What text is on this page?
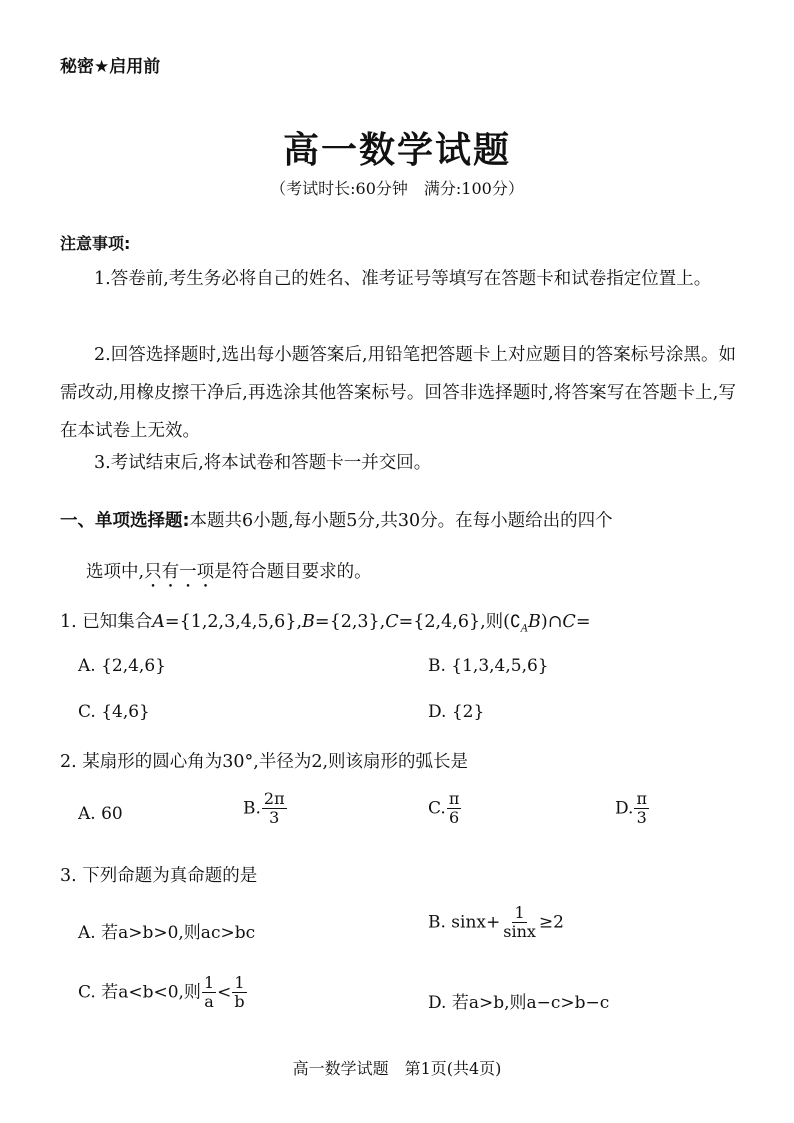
秘密★启用前
高一数学试题
（考试时长:60分钟　满分:100分）
注意事项:

1.答卷前,考生务必将自己的姓名、准考证号等填写在答题卡和试卷指定位置上。

2.回答选择题时,选出每小题答案后,用铅笔把答题卡上对应题目的答案标号涂黑。如需改动,用橡皮擦干净后,再选涂其他答案标号。回答非选择题时,将答案写在答题卡上,写在本试卷上无效。

3.考试结束后,将本试卷和答题卡一并交回。

一、单项选择题:本题共6小题,每小题5分,共30分。在每小题给出的四个
选项中,只有一项是符合题目要求的。
1. 已知集合A={1,2,3,4,5,6},B={2,3},C={2,4,6},则$(∁_AB)\cap C=$
A. {2,4,6}	B. {1,3,4,5,6}
C. {4,6}	D. {2}
2. 某扇形的圆心角为30°,半径为2,则该扇形的弧长是
A. 60	B. $\frac{2\pi}{3}$	C. $\frac{\pi}{6}$	D. $\frac{\pi}{3}$
3. 下列命题为真命题的是
A. 若a>b>0,则ac>bc
B. $\sin x+ \frac{1}{\sin x} \ge 2$
C. 若a<b<0,则 $\frac{1}{a} < \frac{1}{b}$	D. 若a>b,则a−c>b−c
高一数学试题　第1页(共4页)
